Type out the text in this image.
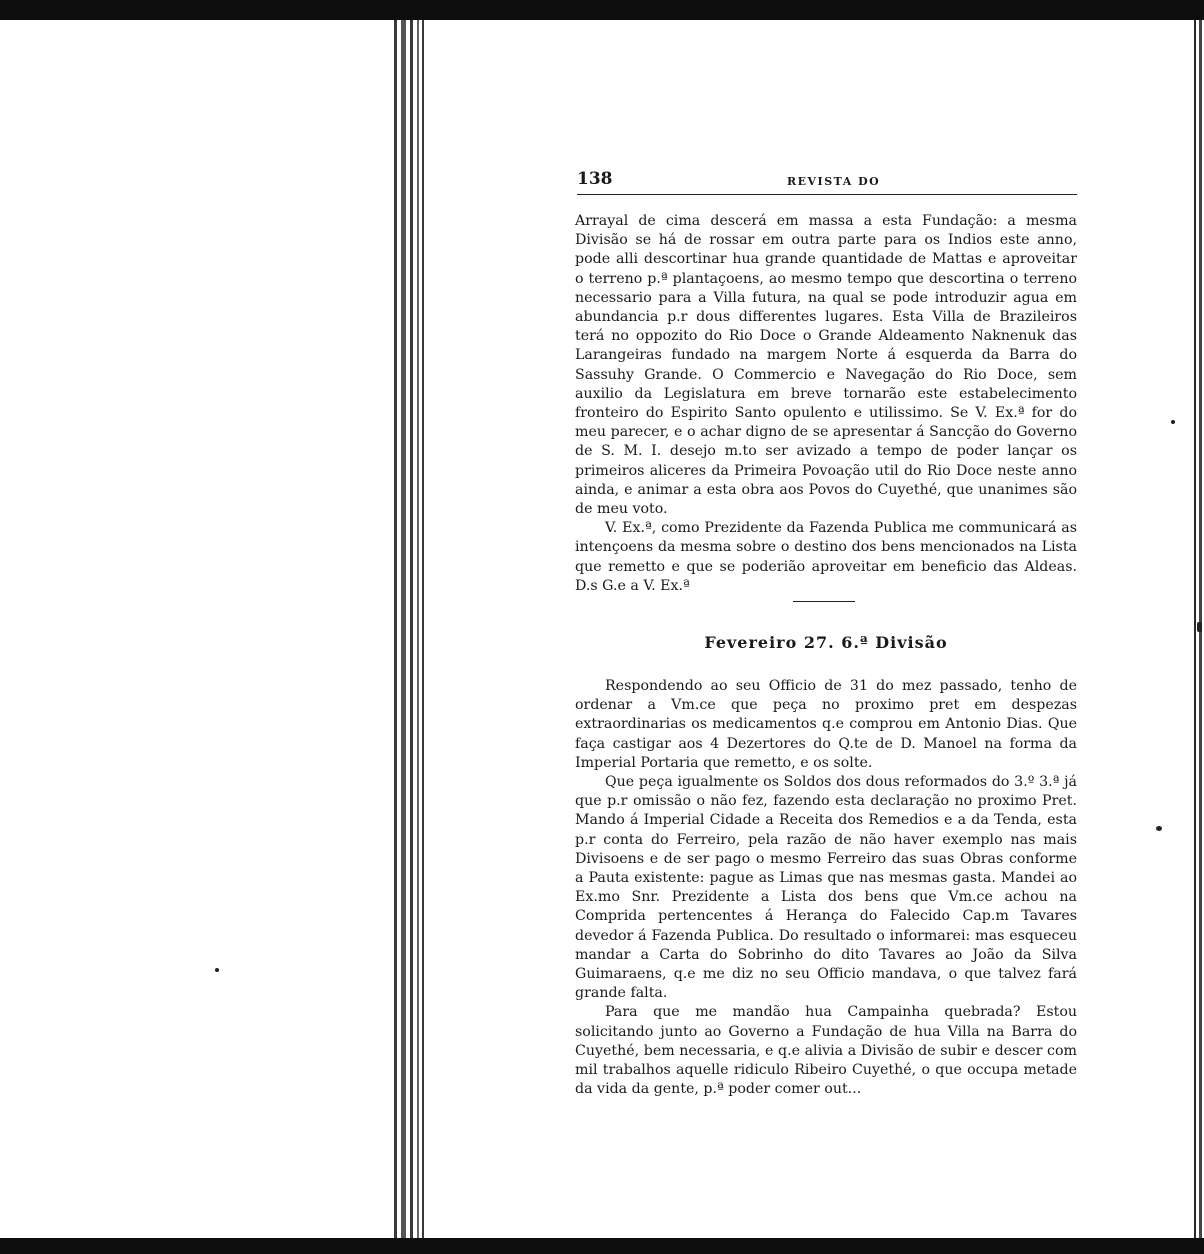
138	REVISTA DO

Arrayal de cima descerá em massa a esta Fundação: a mesma Divisão se há de rossar em outra parte para os Indios este anno, pode alli descortinar hua grande quantidade de Mattas e aproveitar o terreno p.ª plantaçoens, ao mesmo tempo que descortina o terreno necessario para a Villa futura, na qual se pode introduzir agua em abundancia p.r dous differentes lugares. Esta Villa de Brazileiros terá no oppozito do Rio Doce o Grande Aldeamento Naknenuk das Larangeiras fundado na margem Norte á esquerda da Barra do Sassuhy Grande. O Commercio e Navegação do Rio Doce, sem auxilio da Legislatura em breve tornarão este estabelecimento fronteiro do Espirito Santo opulento e utilissimo. Se V. Ex.ª for do meu parecer, e o achar digno de se apresentar á Sancção do Governo de S. M. I. desejo m.to ser avizado a tempo de poder lançar os primeiros aliceres da Primeira Povoação util do Rio Doce neste anno ainda, e animar a esta obra aos Povos do Cuyethé, que unanimes são de meu voto.

V. Ex.ª, como Prezidente da Fazenda Publica me communicará as intençoens da mesma sobre o destino dos bens mencionados na Lista que remetto e que se poderião aproveitar em beneficio das Aldeas. D.s G.e a V. Ex.ª

Fevereiro 27. 6.ª Divisão

Respondendo ao seu Officio de 31 do mez passado, tenho de ordenar a Vm.ce que peça no proximo pret em despezas extraordinarias os medicamentos q.e comprou em Antonio Dias. Que faça castigar aos 4 Dezertores do Q.te de D. Manoel na forma da Imperial Portaria que remetto, e os solte.

Que peça igualmente os Soldos dos dous reformados do 3.º 3.ª já que p.r omissão o não fez, fazendo esta declaração no proximo Pret. Mando á Imperial Cidade a Receita dos Remedios e a da Tenda, esta p.r conta do Ferreiro, pela razão de não haver exemplo nas mais Divisoens e de ser pago o mesmo Ferreiro das suas Obras conforme a Pauta existente: pague as Limas que nas mesmas gasta. Mandei ao Ex.mo Snr. Prezidente a Lista dos bens que Vm.ce achou na Comprida pertencentes á Herança do Falecido Cap.m Tavares devedor á Fazenda Publica. Do resultado o informarei: mas esqueceu mandar a Carta do Sobrinho do dito Tavares ao João da Silva Guimaraens, q.e me diz no seu Officio mandava, o que talvez fará grande falta.

Para que me mandão hua Campainha quebrada? Estou solicitando junto ao Governo a Fundação de hua Villa na Barra do Cuyethé, bem necessaria, e q.e alivia a Divisão de subir e descer com mil trabalhos aquelle ridiculo Ribeiro Cuyethé, o que occupa metade da vida da gente, p.ª poder comer out...
